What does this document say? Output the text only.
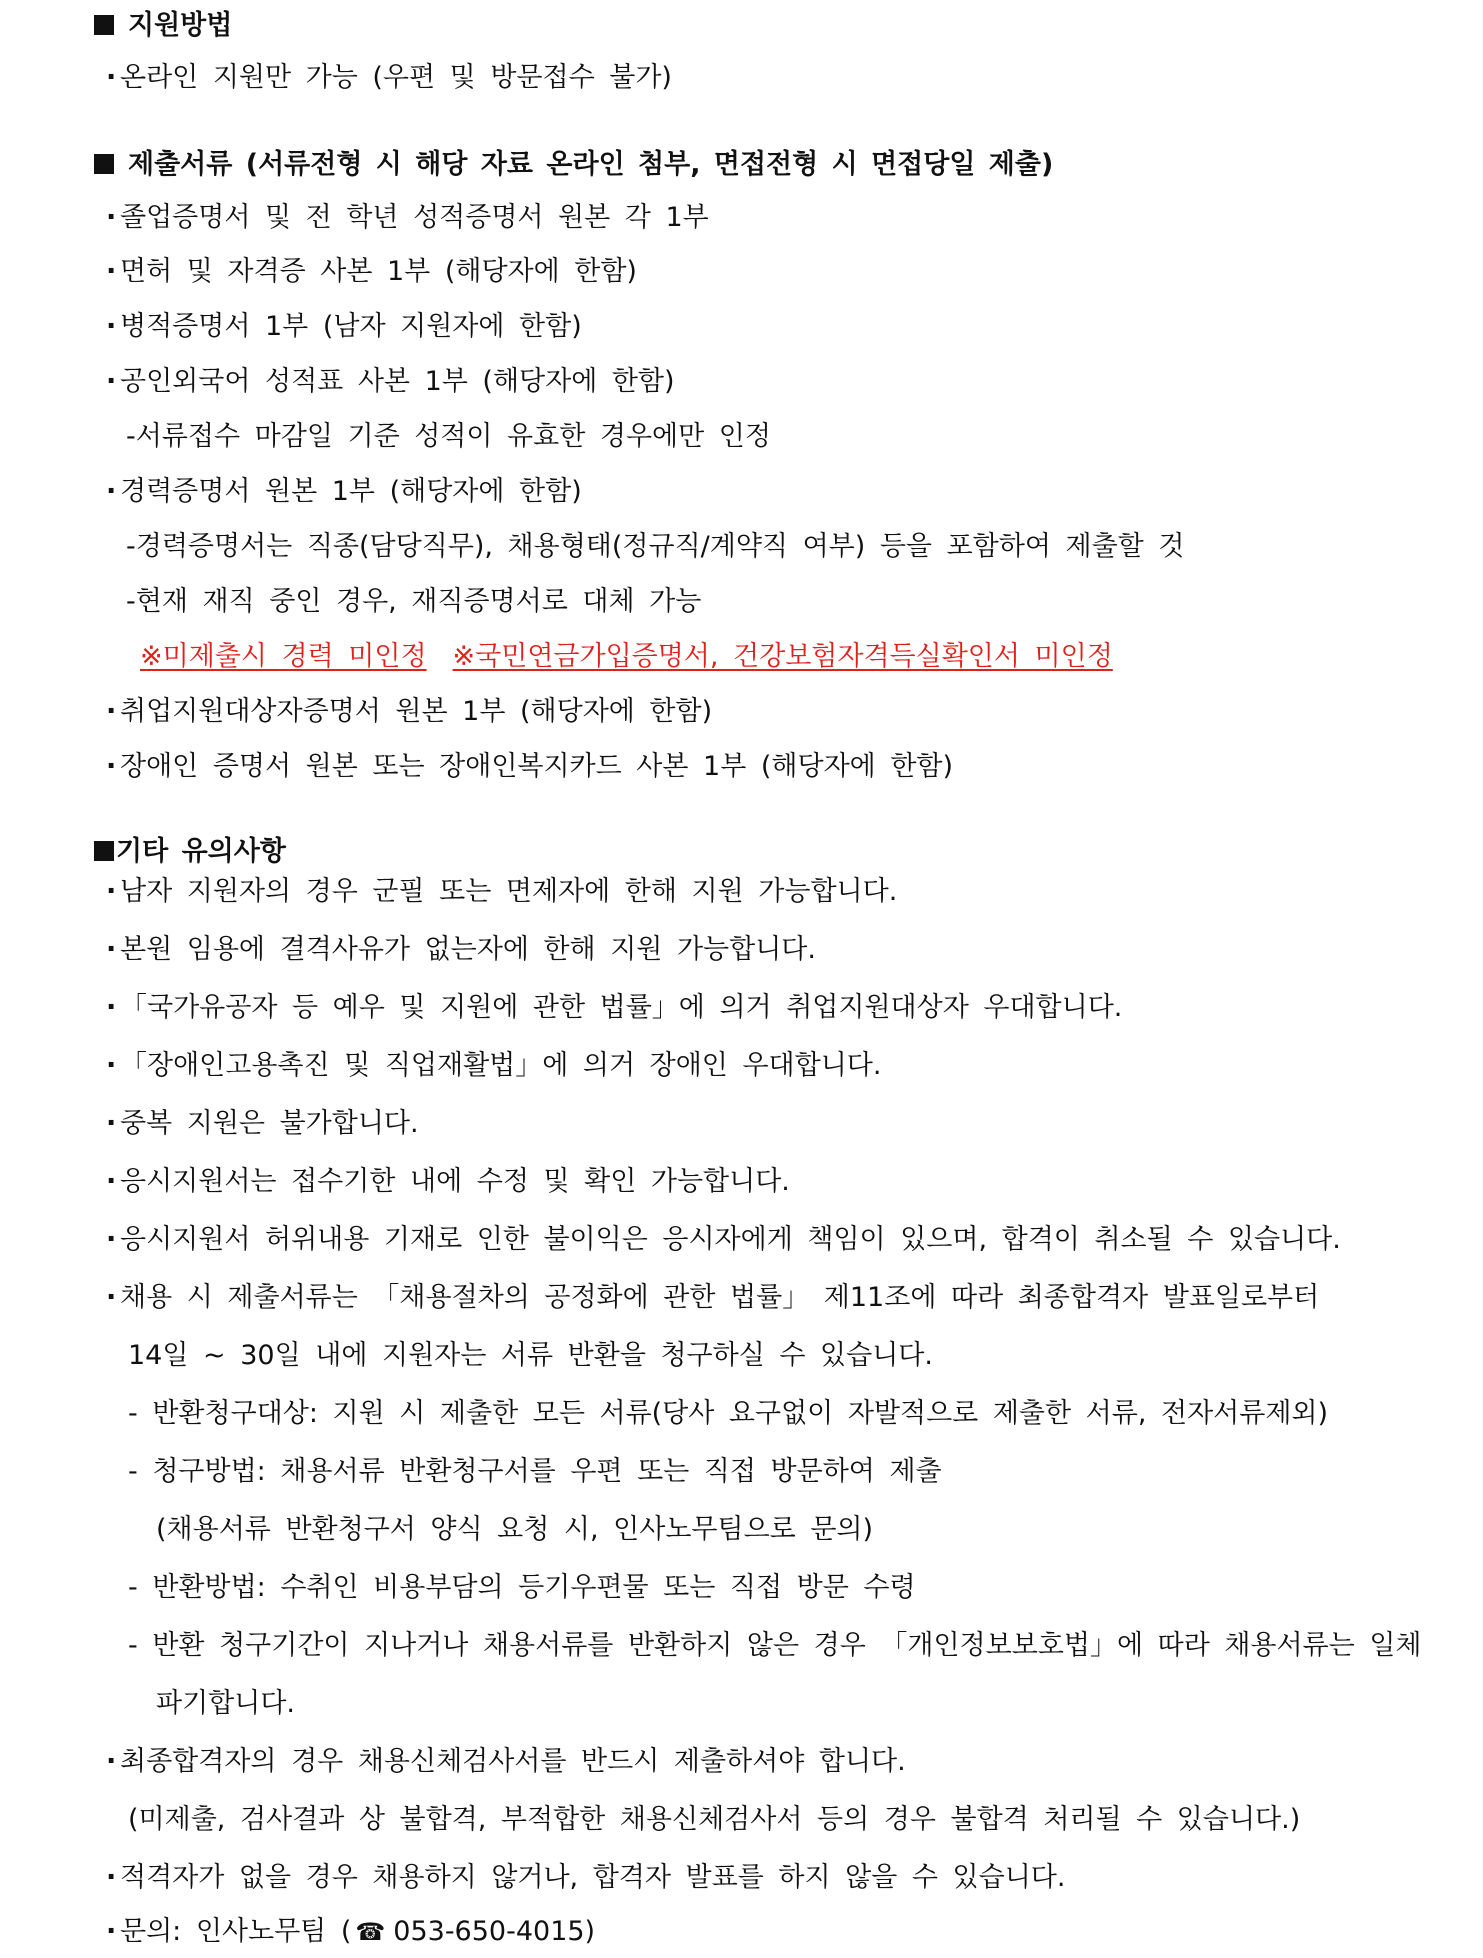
지원방법
· 온라인 지원만 가능 (우편 및 방문접수 불가)
제출서류 (서류전형 시 해당 자료 온라인 첨부, 면접전형 시 면접당일 제출)
· 졸업증명서 및 전 학년 성적증명서 원본 각 1부
· 면허 및 자격증 사본 1부 (해당자에 한함)
· 병적증명서 1부 (남자 지원자에 한함)
· 공인외국어 성적표 사본 1부 (해당자에 한함)
-서류접수 마감일 기준 성적이 유효한 경우에만 인정
· 경력증명서 원본 1부 (해당자에 한함)
-경력증명서는 직종(담당직무), 채용형태(정규직/계약직 여부) 등을 포함하여 제출할 것
-현재 재직 중인 경우, 재직증명서로 대체 가능
※미제출시 경력 미인정 ※국민연금가입증명서, 건강보험자격득실확인서 미인정
· 취업지원대상자증명서 원본 1부 (해당자에 한함)
· 장애인 증명서 원본 또는 장애인복지카드 사본 1부 (해당자에 한함)
기타 유의사항
· 남자 지원자의 경우 군필 또는 면제자에 한해 지원 가능합니다.
· 본원 임용에 결격사유가 없는자에 한해 지원 가능합니다.
· 「국가유공자 등 예우 및 지원에 관한 법률」에 의거 취업지원대상자 우대합니다.
· 「장애인고용촉진 및 직업재활법」에 의거 장애인 우대합니다.
· 중복 지원은 불가합니다.
· 응시지원서는 접수기한 내에 수정 및 확인 가능합니다.
· 응시지원서 허위내용 기재로 인한 불이익은 응시자에게 책임이 있으며, 합격이 취소될 수 있습니다.
· 채용 시 제출서류는 「채용절차의 공정화에 관한 법률」 제11조에 따라 최종합격자 발표일로부터
14일 ~ 30일 내에 지원자는 서류 반환을 청구하실 수 있습니다.
- 반환청구대상: 지원 시 제출한 모든 서류(당사 요구없이 자발적으로 제출한 서류, 전자서류제외)
- 청구방법: 채용서류 반환청구서를 우편 또는 직접 방문하여 제출
(채용서류 반환청구서 양식 요청 시, 인사노무팀으로 문의)
- 반환방법: 수취인 비용부담의 등기우편물 또는 직접 방문 수령
- 반환 청구기간이 지나거나 채용서류를 반환하지 않은 경우 「개인정보보호법」에 따라 채용서류는 일체
파기합니다.
· 최종합격자의 경우 채용신체검사서를 반드시 제출하셔야 합니다.
(미제출, 검사결과 상 불합격, 부적합한 채용신체검사서 등의 경우 불합격 처리될 수 있습니다.)
· 적격자가 없을 경우 채용하지 않거나, 합격자 발표를 하지 않을 수 있습니다.
· 문의: 인사노무팀 ( ☎ 053-650-4015)
